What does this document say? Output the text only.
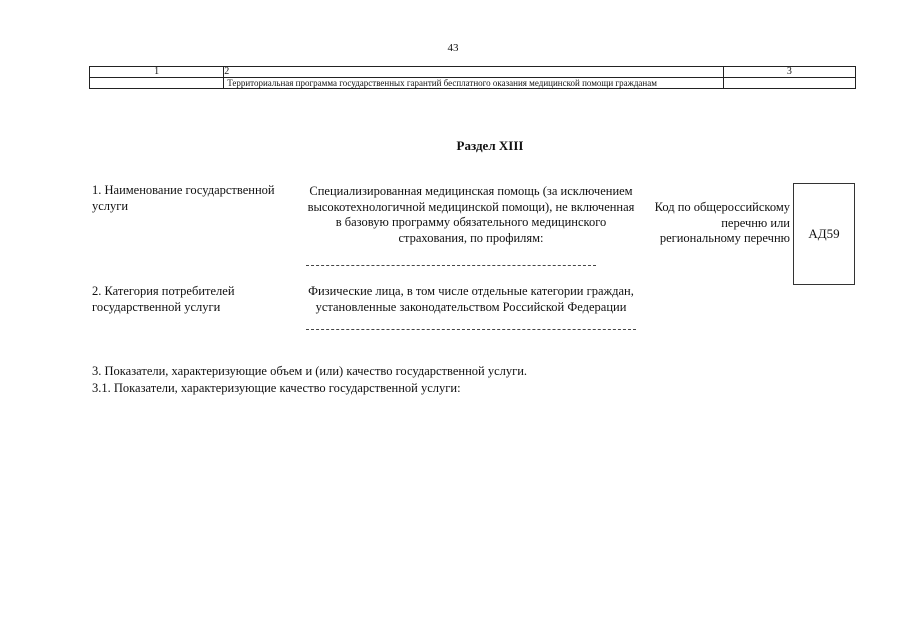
43
1	2	3
	Территориальная программа государственных гарантий бесплатного оказания медицинской помощи гражданам	
Раздел XIII
1. Наименование государственной услуги
Специализированная медицинская помощь (за исключением высокотехнологичной медицинской помощи), не включенная в базовую программу обязательного медицинского страхования, по профилям:
Код по общероссийскому перечню или региональному перечню	АД59
2. Категория потребителей государственной услуги
Физические лица, в том числе отдельные категории граждан, установленные законодательством Российской Федерации
3. Показатели, характеризующие объем и (или) качество государственной услуги.
3.1. Показатели, характеризующие качество государственной услуги:
